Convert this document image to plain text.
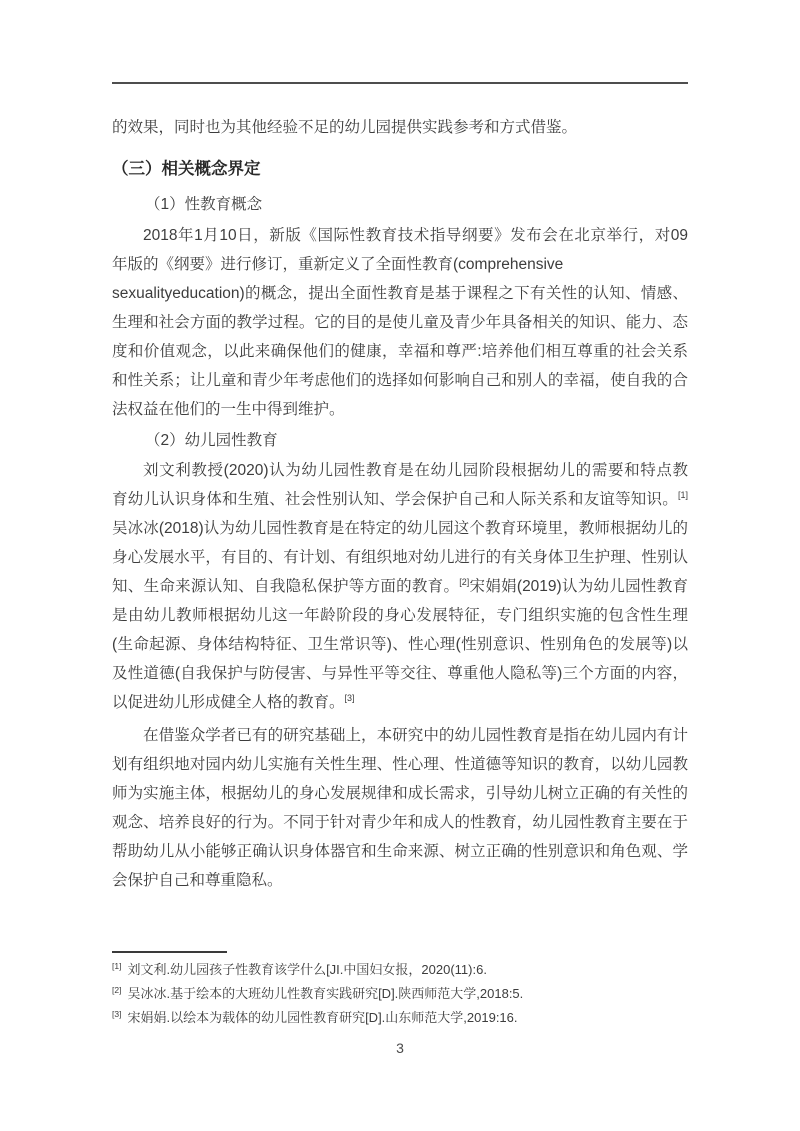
的效果，同时也为其他经验不足的幼儿园提供实践参考和方式借鉴。
（三）相关概念界定
（1）性教育概念
2018年1月10日，新版《国际性教育技术指导纲要》发布会在北京举行，对09
年版的《纲要》进行修订，重新定义了全面性教育(comprehensive
sexualityeducation)的概念，提出全面性教育是基于课程之下有关性的认知、情感、
生理和社会方面的教学过程。它的目的是使儿童及青少年具备相关的知识、能力、态
度和价值观念，以此来确保他们的健康，幸福和尊严:培养他们相互尊重的社会关系
和性关系；让儿童和青少年考虑他们的选择如何影响自己和别人的幸福，使自我的合
法权益在他们的一生中得到维护。
（2）幼儿园性教育
刘文利教授(2020)认为幼儿园性教育是在幼儿园阶段根据幼儿的需要和特点教
育幼儿认识身体和生殖、社会性别认知、学会保护自己和人际关系和友谊等知识。[1]
吴冰冰(2018)认为幼儿园性教育是在特定的幼儿园这个教育环境里，教师根据幼儿的
身心发展水平，有目的、有计划、有组织地对幼儿进行的有关身体卫生护理、性别认
知、生命来源认知、自我隐私保护等方面的教育。[2]宋娟娟(2019)认为幼儿园性教育
是由幼儿教师根据幼儿这一年龄阶段的身心发展特征，专门组织实施的包含性生理
(生命起源、身体结构特征、卫生常识等)、性心理(性别意识、性别角色的发展等)以
及性道德(自我保护与防侵害、与异性平等交往、尊重他人隐私等)三个方面的内容，
以促进幼儿形成健全人格的教育。[3]
在借鉴众学者已有的研究基础上，本研究中的幼儿园性教育是指在幼儿园内有计
划有组织地对园内幼儿实施有关性生理、性心理、性道德等知识的教育，以幼儿园教
师为实施主体，根据幼儿的身心发展规律和成长需求，引导幼儿树立正确的有关性的
观念、培养良好的行为。不同于针对青少年和成人的性教育，幼儿园性教育主要在于
帮助幼儿从小能够正确认识身体器官和生命来源、树立正确的性别意识和角色观、学
会保护自己和尊重隐私。
[1] 刘文利.幼儿园孩子性教育该学什么[JI.中国妇女报，2020(11):6.
[2] 吴冰冰.基于绘本的大班幼儿性教育实践研究[D].陕西师范大学,2018:5.
[3] 宋娟娟.以绘本为载体的幼儿园性教育研究[D].山东师范大学,2019:16.
3
